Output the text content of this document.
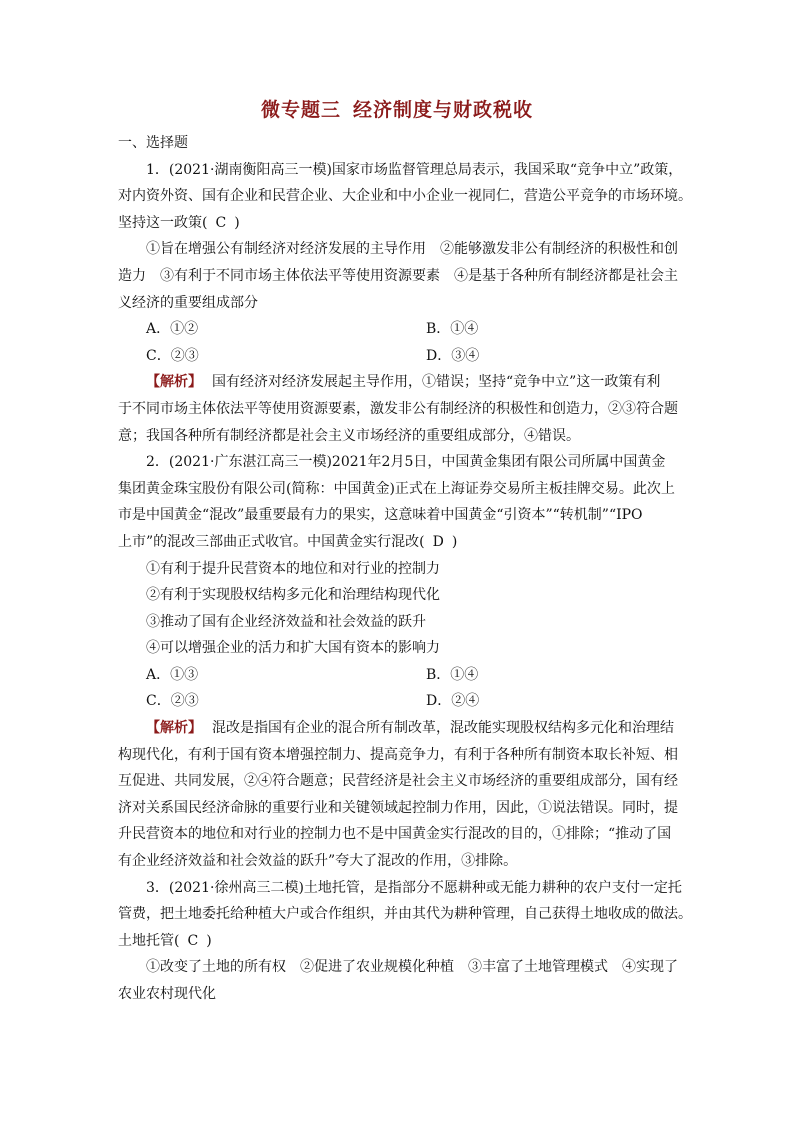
微专题三 经济制度与财政税收
一、选择题
1．(2021·湖南衡阳高三一模)国家市场监督管理总局表示，我国采取“竞争中立”政策，
对内资外资、国有企业和民营企业、大企业和中小企业一视同仁，营造公平竞争的市场环境。
坚持这一政策( C )
①旨在增强公有制经济对经济发展的主导作用　②能够激发非公有制经济的积极性和创
造力　③有利于不同市场主体依法平等使用资源要素　④是基于各种所有制经济都是社会主
义经济的重要组成部分
A．①②	B．①④
C．②③	D．③④
【解析】 国有经济对经济发展起主导作用，①错误；坚持“竞争中立”这一政策有利
于不同市场主体依法平等使用资源要素，激发非公有制经济的积极性和创造力，②③符合题
意；我国各种所有制经济都是社会主义市场经济的重要组成部分，④错误。
2．(2021·广东湛江高三一模)2021年2月5日，中国黄金集团有限公司所属中国黄金
集团黄金珠宝股份有限公司(简称：中国黄金)正式在上海证券交易所主板挂牌交易。此次上
市是中国黄金“混改”最重要最有力的果实，这意味着中国黄金“引资本”“转机制”“IPO
上市”的混改三部曲正式收官。中国黄金实行混改( D )
①有利于提升民营资本的地位和对行业的控制力
②有利于实现股权结构多元化和治理结构现代化
③推动了国有企业经济效益和社会效益的跃升
④可以增强企业的活力和扩大国有资本的影响力
A．①③	B．①④
C．②③	D．②④
【解析】 混改是指国有企业的混合所有制改革，混改能实现股权结构多元化和治理结
构现代化，有利于国有资本增强控制力、提高竞争力，有利于各种所有制资本取长补短、相
互促进、共同发展，②④符合题意；民营经济是社会主义市场经济的重要组成部分，国有经
济对关系国民经济命脉的重要行业和关键领域起控制力作用，因此，①说法错误。同时，提
升民营资本的地位和对行业的控制力也不是中国黄金实行混改的目的，①排除；“推动了国
有企业经济效益和社会效益的跃升”夸大了混改的作用，③排除。
3．(2021·徐州高三二模)土地托管，是指部分不愿耕种或无能力耕种的农户支付一定托
管费，把土地委托给种植大户或合作组织，并由其代为耕种管理，自己获得土地收成的做法。
土地托管( C )
①改变了土地的所有权　②促进了农业规模化种植　③丰富了土地管理模式　④实现了
农业农村现代化
